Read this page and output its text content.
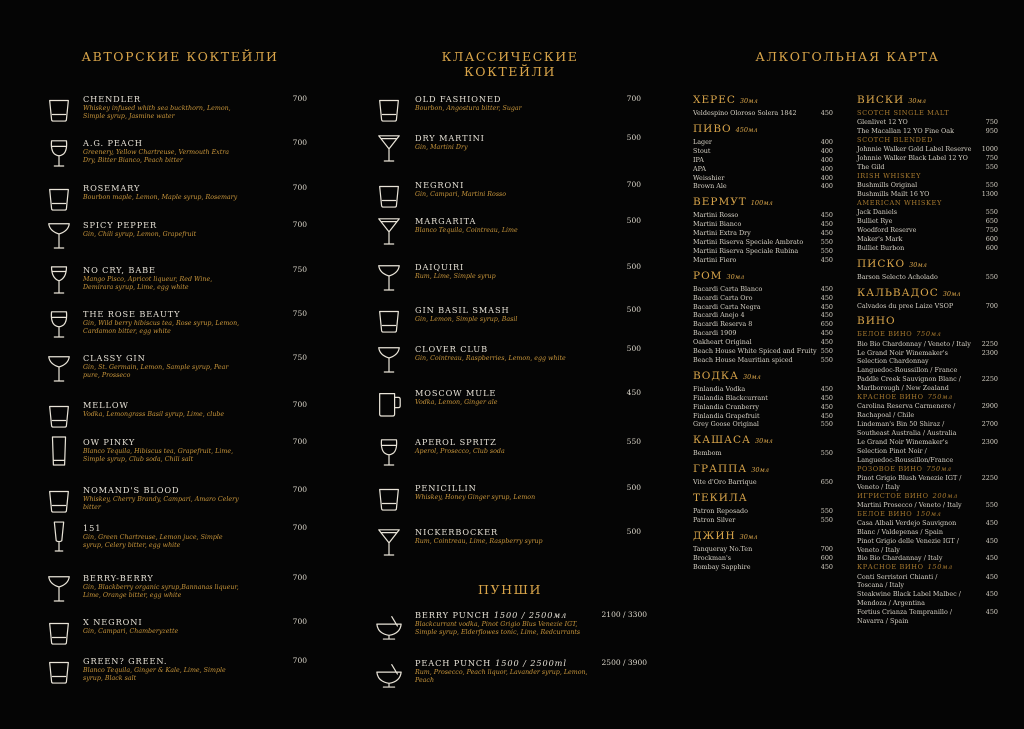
АВТОРСКИЕ КОКТЕЙЛИ	КЛАССИЧЕСКИЕ КОКТЕЙЛИ
АЛКОГОЛЬНАЯ КАРТА
ПУНШИ
CHENDLER
Whiskey infused whith sea buckthorn, Lemon, Simple syrup, Jasmine water
700
A.G. PEACH
Greenery, Yellow Chartreuse, Vermouth Extra Dry, Bitter Bianco, Peach bitter
700
ROSEMARY
Bourbon maple, Lemon, Maple syrup, Rosemary
700
SPICY PEPPER
Gin, Chili syrup, Lemon, Grapefruit
700
NO CRY, BABE
Mango Pisco, Apricot liqueur, Red Wine, Demirara syrup, Lime, egg white
750
THE ROSE BEAUTY
Gin, Wild berry hibiscus tea, Rose syrup, Lemon, Cardamon bitter, egg white
750
CLASSY GIN
Gin, St. Germain, Lemon, Sample syrup, Pear pure, Prosseco
750
MELLOW
Vodka, Lemongrass Basil syrup, Lime, clube
700
OW PINKY
Blanco Tequila, Hibiscus tea, Grapefruit, Lime, Simple syrup, Club soda, Chili salt
700
NOMAND'S BLOOD
Whiskey, Cherry Brandy, Campari, Amaro Celery bitter
700
151
Gin, Green Chartreuse, Lemon juce, Simple syrup, Celery bitter, egg white
700
BERRY-BERRY
Gin, Blackberry organic syrup,Bannanas liqueur, Lime, Orange bitter, egg white
700
X NEGRONI
Gin, Campari, Chamberyzette
700
GREEN? GREEN.
Blanco Tequila, Ginger & Kale, Lime, Simple syrup, Black salt
700
OLD FASHIONED
Bourbon, Angostura bitter, Sugar
700
DRY MARTINI
Gin, Martini Dry
500
NEGRONI
Gin, Campari, Martini Rosso
700
MARGARITA
Blanco Tequila, Cointreau, Lime
500
DAIQUIRI
Rum, Lime, Simple syrup
500
GIN BASIL SMASH
Gin, Lemon, Simple syrup, Basil
500
CLOVER CLUB
Gin, Cointreau, Raspberries, Lemon, egg white
500
MOSCOW MULE
Vodka, Lemon, Ginger ale
450
APEROL SPRITZ
Aperol, Prosecco, Club soda
550
PENICILLIN
Whiskey, Honey Ginger syrup, Lemon
500
NICKERBOCKER
Rum, Cointreau, Lime, Raspberry syrup
500
BERRY PUNCH 1500 / 2500мл
Blackcurrant vodka, Pinot Grigio Blus Venezie IGT, Simple syrup, Elderflowes tonic, Lime, Redcurrants
2100 / 3300
PEACH PUNCH 1500 / 2500ml
Rum, Prosecco, Peach liquor, Lavander syrup, Lemon, Peach
2500 / 3900
ХЕРЕС 30мл
Veldespino Oloroso Solera 1842	450
ПИВО 450мл
Lager	400
Stout	400
IPA	400
APA	400
Weisshier	400
Brown Ale	400
ВЕРМУТ 100мл
Martini Rosso	450
Martini Bianco	450
Martini Extra Dry	450
Martini Riserva Speciale Ambrato	550
Martini Riserva Speciale Rubina	550
Martini Fiero	450
РОМ 30мл
Bacardi Carta Blanco	450
Bacardi Carta Oro	450
Bacardi Carta Negra	450
Bacardi Anejo 4	450
Bacardi Reserva 8	650
Bacardi 1909	450
Oakheart Original	450
Beach House White Spiced and Fruity 550
Beach House Mauritian spiced	550
ВОДКА 30мл
Finlandia Vodka	450
Finlandia Blackcurrant	450
Finlandia Cranberry	450
Finlandia Grapefruit	450
Grey Goose Original	550
КАШАСА 30мл
Bembom	550
ГРАППА 30мл
Vite d'Oro Barrique	650
ТЕКИЛА
Patron Reposado	550
Patron Silver	550
ДЖИН 30мл
Tanqueray No.Ten	700
Brockman's	600
Bombay Sapphire	450
ВИСКИ 30мл
SCOTCH SINGLE MALT
Glenlivet 12 YO	750
The Macallan 12 YO Fine Oak	950
SCOTCH BLENDED
Johnnie Walker Gold Label Reserve	1000
Johnnie Walker Black Label 12 YO	750
The Gild	550
IRISH WHISKEY
Bushmills Original	550
Bushmills Mailt 16 YO	1300
AMERICAN WHISKEY
Jack Daniels	550
Bulliet Rye	650
Woodford Reserve	750
Maker's Mark	600
Bulliet Burbon	600
ПИСКО 30мл
Barson Selecto Acholado	550
КАЛЬВАДОС 30мл
Calvados du pree Laize VSOP	700
ВИНО
БЕЛОЕ ВИНО 750мл
Bio Bio Chardonnay / Veneto / Italy	2250
Le Grand Noir Winemaker's	2300
Selection Chardonnay
Languedoc-Roussillon / France
Paddle Creek Sauvignon Blanc /	2250
Marlborough / New Zealand
КРАСНОЕ ВИНО 750мл
Carolina Reserva Carmenere /	2900
Rachapoal / Chile
Lindeman's Bin 50 Shiraz /	2700
Southeast Australia / Australia
Le Grand Noir Winemaker's	2300
Selection Pinot Noir /
Languedoc-Roussillon/France
РОЗОВОЕ ВИНО 750мл
Pinot Grigio Blush Venezie IGT /	2250
Veneto / Italy
ИГРИСТОЕ ВИНО 200мл
Martini Prosecco / Veneto / Italy	550
БЕЛОЕ ВИНО 150мл
Casa Albali Verdejo Sauvignon	450
Blanc / Valdepenas / Spain
Pinot Grigio delle Venezie IGT /	450
Veneto / Italy
Bio Bio Chardannay / Italy	450
КРАСНОЕ ВИНО 150мл
Conti Serristori Chianti /	450
Toscana / Italy
Steakwine Black Label Malbec /	450
Mendoza / Argentina
Fortius Crianza Tempranillo /	450
Navarra / Spain
